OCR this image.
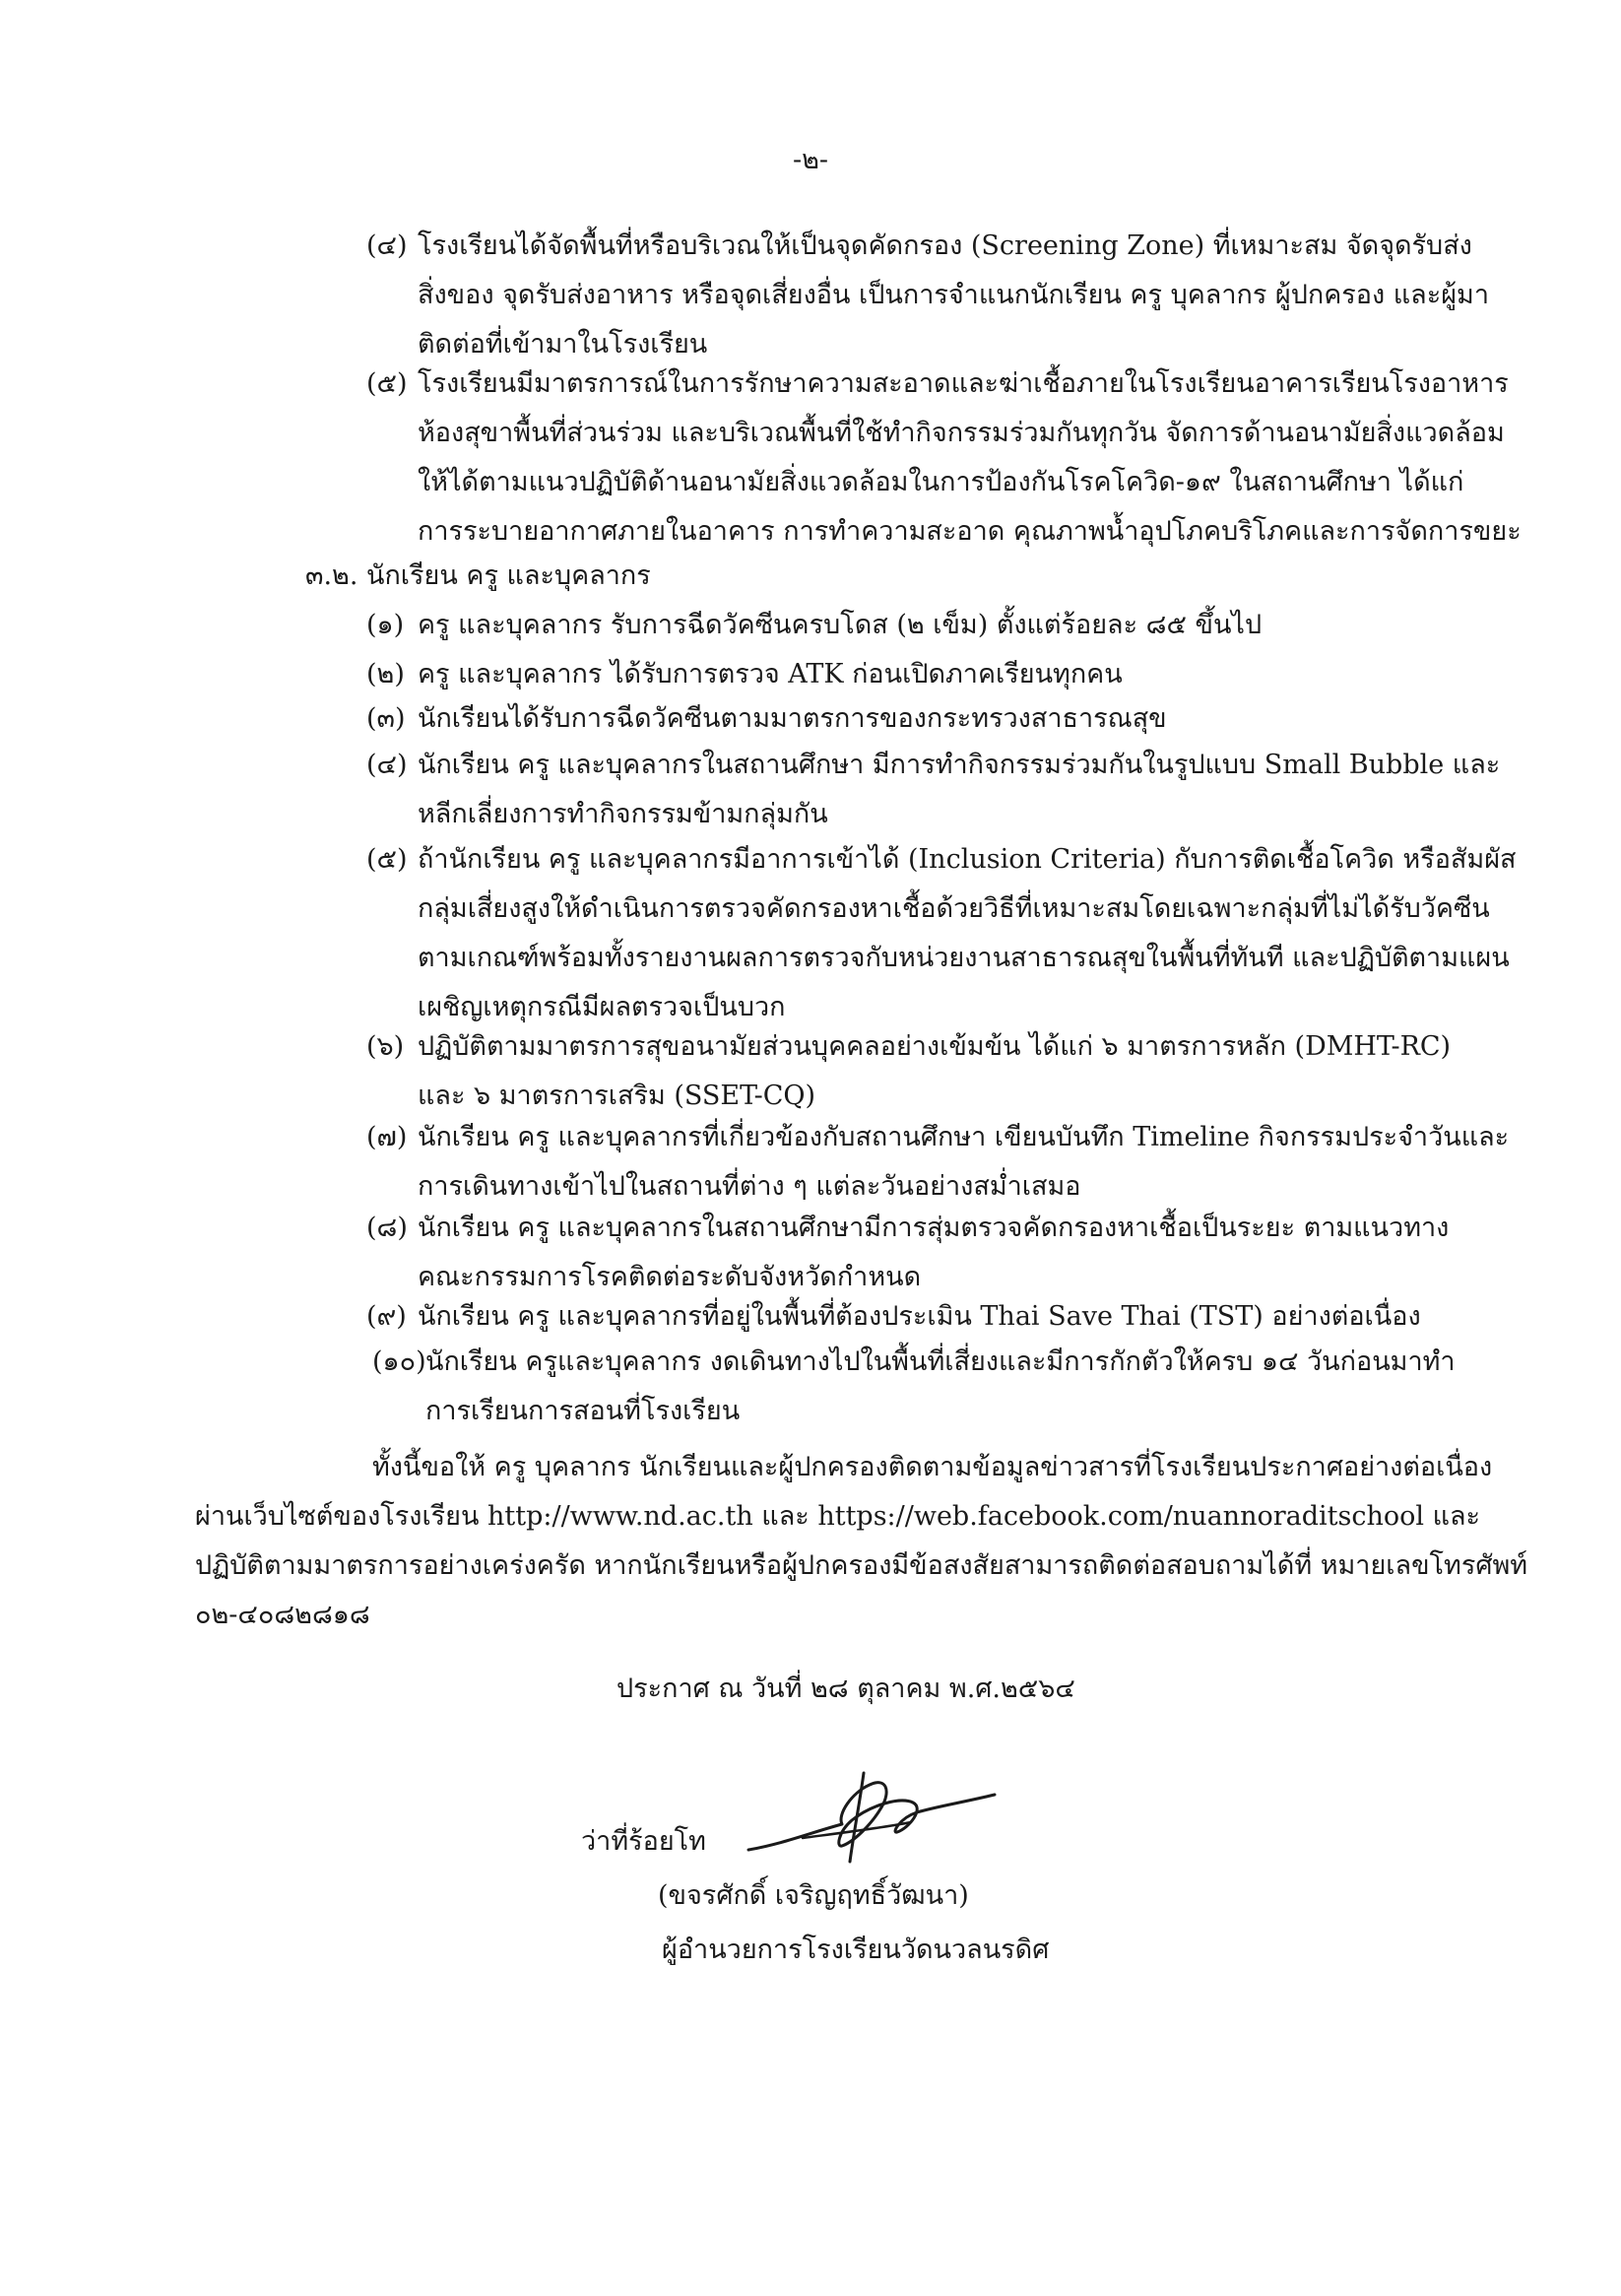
-๒-
(๔) โรงเรียนได้จัดพื้นที่หรือบริเวณให้เป็นจุดคัดกรอง (Screening Zone) ที่เหมาะสม จัดจุดรับส่ง
สิ่งของ จุดรับส่งอาหาร หรือจุดเสี่ยงอื่น เป็นการจำแนกนักเรียน ครู บุคลากร ผู้ปกครอง และผู้มา
ติดต่อที่เข้ามาในโรงเรียน
(๕) โรงเรียนมีมาตรการณ์ในการรักษาความสะอาดและฆ่าเชื้อภายในโรงเรียนอาคารเรียนโรงอาหาร
ห้องสุขาพื้นที่ส่วนร่วม และบริเวณพื้นที่ใช้ทำกิจกรรมร่วมกันทุกวัน จัดการด้านอนามัยสิ่งแวดล้อม
ให้ได้ตามแนวปฏิบัติด้านอนามัยสิ่งแวดล้อมในการป้องกันโรคโควิด-๑๙ ในสถานศึกษา ได้แก่
การระบายอากาศภายในอาคาร การทำความสะอาด คุณภาพน้ำอุปโภคบริโภคและการจัดการขยะ
๓.๒. นักเรียน ครู และบุคลากร
(๑) ครู และบุคลากร รับการฉีดวัคซีนครบโดส (๒ เข็ม) ตั้งแต่ร้อยละ ๘๕ ขึ้นไป
(๒) ครู และบุคลากร ได้รับการตรวจ ATK ก่อนเปิดภาคเรียนทุกคน
(๓) นักเรียนได้รับการฉีดวัคซีนตามมาตรการของกระทรวงสาธารณสุข
(๔) นักเรียน ครู และบุคลากรในสถานศึกษา มีการทำกิจกรรมร่วมกันในรูปแบบ Small Bubble และ
หลีกเลี่ยงการทำกิจกรรมข้ามกลุ่มกัน
(๕) ถ้านักเรียน ครู และบุคลากรมีอาการเข้าได้ (Inclusion Criteria) กับการติดเชื้อโควิด หรือสัมผัส
กลุ่มเสี่ยงสูงให้ดำเนินการตรวจคัดกรองหาเชื้อด้วยวิธีที่เหมาะสมโดยเฉพาะกลุ่มที่ไม่ได้รับวัคซีน
ตามเกณฑ์พร้อมทั้งรายงานผลการตรวจกับหน่วยงานสาธารณสุขในพื้นที่ทันที และปฏิบัติตามแผน
เผชิญเหตุกรณีมีผลตรวจเป็นบวก
(๖) ปฏิบัติตามมาตรการสุขอนามัยส่วนบุคคลอย่างเข้มข้น ได้แก่ ๖ มาตรการหลัก (DMHT-RC)
และ ๖ มาตรการเสริม (SSET-CQ)
(๗) นักเรียน ครู และบุคลากรที่เกี่ยวข้องกับสถานศึกษา เขียนบันทึก Timeline กิจกรรมประจำวันและ
การเดินทางเข้าไปในสถานที่ต่าง ๆ แต่ละวันอย่างสม่ำเสมอ
(๘) นักเรียน ครู และบุคลากรในสถานศึกษามีการสุ่มตรวจคัดกรองหาเชื้อเป็นระยะ ตามแนวทาง
คณะกรรมการโรคติดต่อระดับจังหวัดกำหนด
(๙) นักเรียน ครู และบุคลากรที่อยู่ในพื้นที่ต้องประเมิน Thai Save Thai (TST) อย่างต่อเนื่อง
(๑๐) นักเรียน ครูและบุคลากร งดเดินทางไปในพื้นที่เสี่ยงและมีการกักตัวให้ครบ ๑๔ วันก่อนมาทำ
การเรียนการสอนที่โรงเรียน
ทั้งนี้ขอให้ ครู บุคลากร นักเรียนและผู้ปกครองติดตามข้อมูลข่าวสารที่โรงเรียนประกาศอย่างต่อเนื่อง
ผ่านเว็บไซต์ของโรงเรียน http://www.nd.ac.th และ https://web.facebook.com/nuannoraditschool และ
ปฏิบัติตามมาตรการอย่างเคร่งครัด หากนักเรียนหรือผู้ปกครองมีข้อสงสัยสามารถติดต่อสอบถามได้ที่ หมายเลขโทรศัพท์
๐๒-๔๐๘๒๘๑๘
ประกาศ ณ วันที่ ๒๘ ตุลาคม พ.ศ.๒๕๖๔
ว่าที่ร้อยโท
(ขจรศักดิ์ เจริญฤทธิ์วัฒนา)
ผู้อำนวยการโรงเรียนวัดนวลนรดิศ
